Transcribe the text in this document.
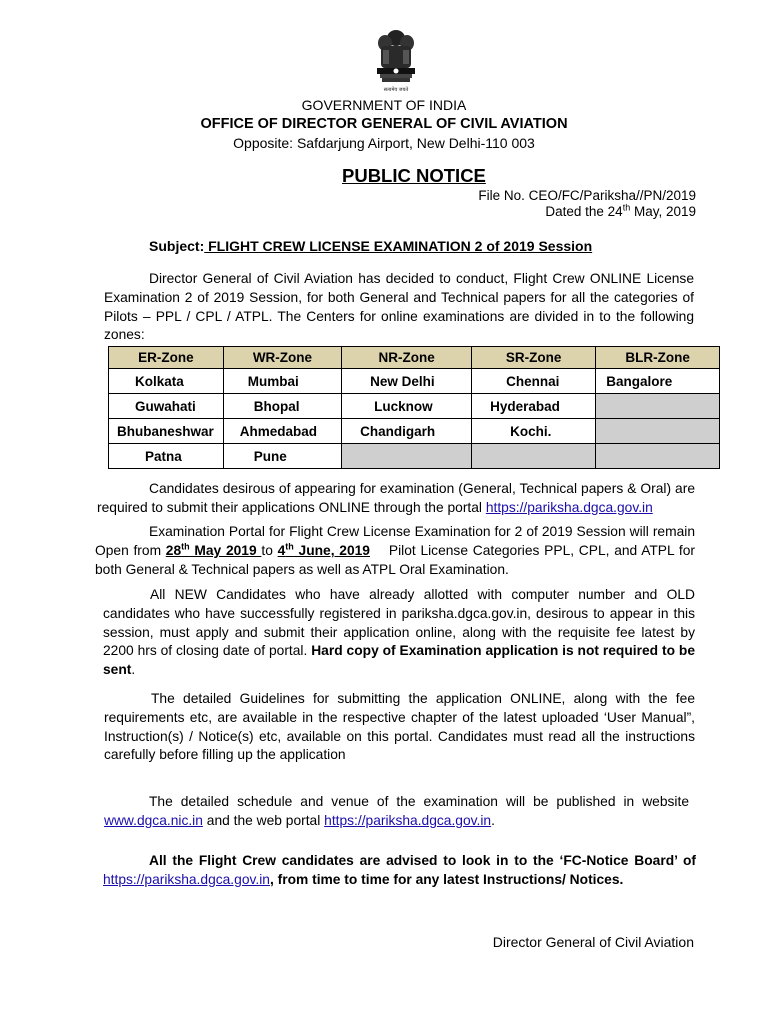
सत्यमेव जयते
GOVERNMENT OF INDIA
OFFICE OF DIRECTOR GENERAL OF CIVIL AVIATION
Opposite: Safdarjung Airport, New Delhi-110 003
PUBLIC NOTICE
File No. CEO/FC/Pariksha//PN/2019
Dated the 24th May, 2019
Subject: FLIGHT CREW LICENSE EXAMINATION 2 of 2019 Session
Director General of Civil Aviation has decided to conduct, Flight Crew ONLINE License Examination 2 of 2019 Session, for both General and Technical papers for all the categories of Pilots – PPL / CPL / ATPL. The Centers for online examinations are divided in to the following zones:
ER-Zone	WR-Zone	NR-Zone	SR-Zone	BLR-Zone
Kolkata	Mumbai	New Delhi	Chennai	Bangalore
Guwahati	Bhopal	Lucknow	Hyderabad	
Bhubaneshwar	Ahmedabad	Chandigarh	Kochi.	
Patna	Pune			
Candidates desirous of appearing for examination (General, Technical papers & Oral) are required to submit their applications ONLINE through the portal https://pariksha.dgca.gov.in
Examination Portal for Flight Crew License Examination for 2 of 2019 Session will remain Open from 28th May 2019 to 4th June, 2019    Pilot License Categories PPL, CPL, and ATPL for both General & Technical papers as well as ATPL Oral Examination.
All NEW Candidates who have already allotted with computer number and OLD candidates who have successfully registered in pariksha.dgca.gov.in, desirous to appear in this session, must apply and submit their application online, along with the requisite fee latest by 2200 hrs of closing date of portal. Hard copy of Examination application is not required to be sent.
The detailed Guidelines for submitting the application ONLINE, along with the fee requirements etc, are available in the respective chapter of the latest uploaded ‘User Manual”, Instruction(s) / Notice(s) etc, available on this portal. Candidates must read all the instructions carefully before filling up the application
The detailed schedule and venue of the examination will be published in website www.dgca.nic.in and the web portal https://pariksha.dgca.gov.in.
All the Flight Crew candidates are advised to look in to the ‘FC-Notice Board’ of https://pariksha.dgca.gov.in, from time to time for any latest Instructions/ Notices.
Director General of Civil Aviation
